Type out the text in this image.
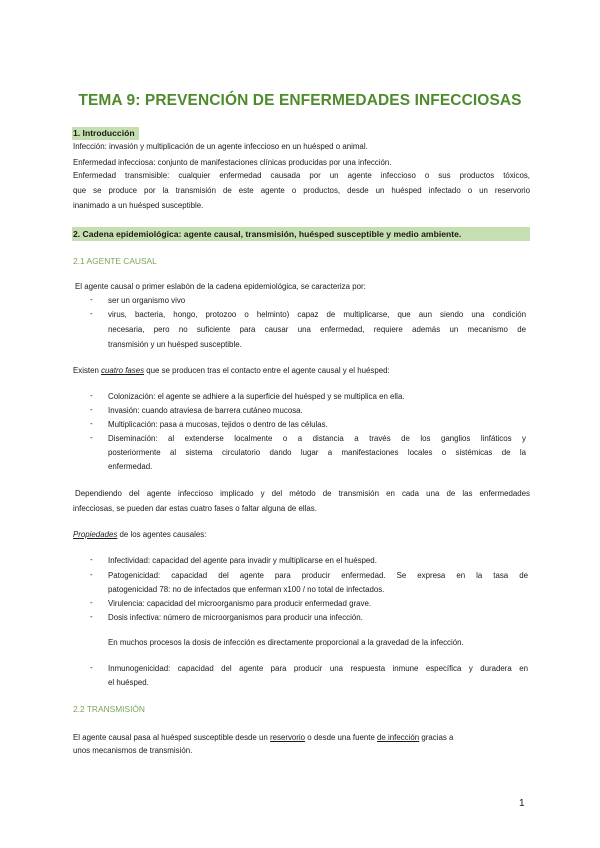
TEMA 9: PREVENCIÓN DE ENFERMEDADES INFECCIOSAS
1. Introducción
Infección: invasión y multiplicación de un agente infeccioso en un huésped o animal.
Enfermedad infecciosa: conjunto de manifestaciones clínicas producidas por una infección.
Enfermedad transmisible: cualquier enfermedad causada por un agente infeccioso o sus productos tóxicos,
que se produce por la transmisión de este agente o productos, desde un huésped infectado o un reservorio
inanimado a un huésped susceptible.
2. Cadena epidemiológica: agente causal, transmisión, huésped susceptible y medio ambiente.
2.1 AGENTE CAUSAL
El agente causal o primer eslabón de la cadena epidemiológica, se caracteriza por:
- ser un organismo vivo
- virus, bacteria, hongo, protozoo o helminto) capaz de multiplicarse, que aun siendo una condición
necesaria, pero no suficiente para causar una enfermedad, requiere además un mecanismo de
transmisión y un huésped susceptible.
Existen cuatro fases que se producen tras el contacto entre el agente causal y el huésped:
- Colonización: el agente se adhiere a la superficie del huésped y se multiplica en ella.
- Invasión: cuando atraviesa de barrera cutáneo mucosa.
- Multiplicación: pasa a mucosas, tejidos o dentro de las células.
- Diseminación: al extenderse localmente o a distancia a través de los ganglios linfáticos y
posteriormente al sistema circulatorio dando lugar a manifestaciones locales o sistémicas de la
enfermedad.
Dependiendo del agente infeccioso implicado y del método de transmisión en cada una de las enfermedades
infecciosas, se pueden dar estas cuatro fases o faltar alguna de ellas.
Propiedades de los agentes causales:
- Infectividad: capacidad del agente para invadir y multiplicarse en el huésped.
- Patogenicidad: capacidad del agente para producir enfermedad. Se expresa en la tasa de
patogenicidad 78: no de infectados que enferman x100 / no total de infectados.
- Virulencia: capacidad del microorganismo para producir enfermedad grave.
- Dosis infectiva: número de microorganismos para producir una infección.
En muchos procesos la dosis de infección es directamente proporcional a la gravedad de la infección.
- Inmunogenicidad: capacidad del agente para producir una respuesta inmune específica y duradera en
el huésped.
2.2 TRANSMISIÓN
El agente causal pasa al huésped susceptible desde un reservorio o desde una fuente de infección gracias a
unos mecanismos de transmisión.
1
